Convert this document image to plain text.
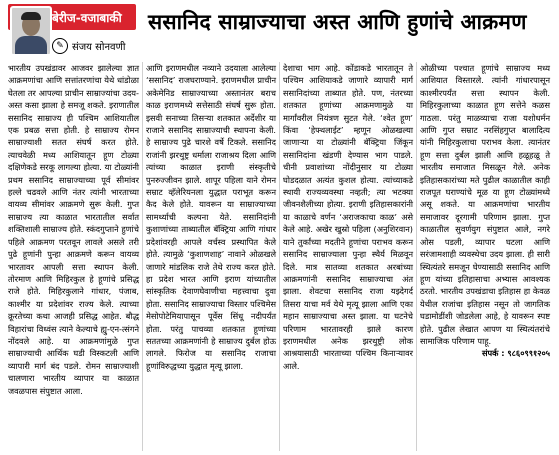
बेरीज-वजाबाकी
✎ संजय सोनवणी
ससानिद साम्राज्याचा अस्त आणि हुणांचे आक्रमण

भारतीय उपखंडावर आजवर झालेल्या ज्ञात आक्रमणांचा आणि सत्तांतरणांचा येथे धांडोळा घेतला तर आपल्या प्राचीन साम्राज्यांचा उदय-अस्त कसा झाला हे समजू शकते. इराणातील ससानिद साम्राज्य ही पश्चिम आशियातील एक प्रबळ सत्ता होती. हे साम्राज्य रोमन साम्राज्याशी सतत संघर्ष करत होते. त्याचवेळी मध्य आशियातून हूण टोळ्या दक्षिणेकडे सरकू लागल्या होत्या. या टोळ्यांनी प्रथम ससानिद साम्राज्याच्या पूर्व सीमांवर हल्ले चढवले आणि नंतर त्यांनी भारताच्या वायव्य सीमांवर आक्रमणे सुरू केली. गुप्त साम्राज्य त्या काळात भारतातील सर्वात शक्तिशाली साम्राज्य होते. स्कंदगुप्ताने हुणांचे पहिले आक्रमण परतवून लावले असले तरी पुढे हूणांनी पुन्हा आक्रमणे करून वायव्य भारतावर आपली सत्ता स्थापन केली. तोरमाण आणि मिहिरकुल हे हूणांचे प्रसिद्ध राजे होते. मिहिरकुलाने गांधार, पंजाब, काश्मीर या प्रदेशांवर राज्य केले. त्याच्या क्रूरतेच्या कथा आजही प्रसिद्ध आहेत. बौद्ध विहारांचा विध्वंस त्याने केल्याचे ह्यु-एन-त्संगने नोंदवले आहे. या आक्रमणांमुळे गुप्त साम्राज्याची आर्थिक घडी विस्कटली आणि व्यापारी मार्ग बंद पडले. रोमन साम्राज्याशी चालणारा भारतीय व्यापार या काळात जवळपास संपुष्टात आला.

आणि इराणमधील नव्याने उदयाला आलेल्या ‘ससानिद’ राजघराण्याने. इराणमधील प्राचीन अकेमेनिड साम्राज्याच्या अस्तानंतर बराच काळ इराणमध्ये सत्तेसाठी संघर्ष सुरू होता. इसवी सनाच्या तिसऱ्या शतकात अर्देशीर या राजाने ससानिद साम्राज्याची स्थापना केली. हे साम्राज्य पुढे चारशे वर्षे टिकले. ससानिद राजांनी झरथुष्ट्र धर्माला राजाश्रय दिला आणि त्यांच्या काळात इराणी संस्कृतीचे पुनरुज्जीवन झाले. शापूर पहिला याने रोमन सम्राट व्हॅलेरियनला युद्धात पराभूत करून कैद केले होते. यावरून या साम्राज्याच्या सामर्थ्याची कल्पना येते. ससानिदांनी कुशाणांच्या ताब्यातील बॅक्ट्रिया आणि गांधार प्रदेशांवरही आपले वर्चस्व प्रस्थापित केले होते. त्यामुळे ‘कुशाणशाह’ नावाने ओळखले जाणारे मांडलिक राजे तेथे राज्य करत होते. हा प्रदेश भारत आणि इराण यांच्यातील सांस्कृतिक देवाणघेवाणीचा महत्त्वाचा दुवा होता. ससानिद साम्राज्याचा विस्तार पश्चिमेस मेसोपोटेमियापासून पूर्वेस सिंधू नदीपर्यंत होता. परंतु पाचव्या शतकात हूणांच्या सततच्या आक्रमणांनी हे साम्राज्य दुर्बल होऊ लागले. फिरोज या ससानिद राजाचा हूणांविरुद्धच्या युद्धात मृत्यू झाला.

देशाचा भाग आहे. कोंडाकडे भारतातून ते पश्चिम आशियाकडे जाणारे व्यापारी मार्ग ससानिदांच्या ताब्यात होते. पण, नंतरच्या शतकात हूणांच्या आक्रमणामुळे या मार्गांवरील नियंत्रण सुटत गेले. ‘श्वेत हूण’ किंवा ‘हेफ्थलाईट’ म्हणून ओळखल्या जाणाऱ्या या टोळ्यांनी बॅक्ट्रिया जिंकून ससानिदांना खंडणी देण्यास भाग पाडले. चीनी प्रवाशांच्या नोंदीनुसार या टोळ्या घोडदळात अत्यंत कुशल होत्या. त्यांच्याकडे स्थायी राज्यव्यवस्था नव्हती; त्या भटक्या जीवनशैलीच्या होत्या. इराणी इतिहासकारांनी या काळाचे वर्णन ‘अराजकाचा काळ’ असे केले आहे. अखेर खुस्रो पहिला (अनुशिरवान) याने तुर्कांच्या मदतीने हूणांचा पराभव करून ससानिद साम्राज्याला पुन्हा स्थैर्य मिळवून दिले. मात्र सातव्या शतकात अरबांच्या आक्रमणांनी ससानिद साम्राज्याचा अंत झाला. शेवटचा ससानिद राजा यझ्देगर्द तिसरा याचा मर्व येथे मृत्यू झाला आणि एका महान साम्राज्याचा अस्त झाला. या घटनेचे परिणाम भारतावरही झाले कारण इराणमधील अनेक झरथुष्ट्री लोक आश्रयासाठी भारताच्या पश्चिम किनाऱ्यावर आले.

ओळीच्या पश्चात हूणांचे साम्राज्य मध्य आशियात विस्तारले. त्यांनी गांधारपासून काश्मीरपर्यंत सत्ता स्थापन केली. मिहिरकुलाच्या काळात हूण सत्तेने कळस गाठला. परंतु माळव्याचा राजा यशोधर्मन आणि गुप्त सम्राट नरसिंहगुप्त बालादित्य यांनी मिहिरकुलाचा पराभव केला. त्यानंतर हूण सत्ता दुर्बल झाली आणि हळूहळू ते भारतीय समाजात मिसळून गेले. अनेक इतिहासकारांच्या मते पुढील काळातील काही राजपूत घराण्यांचे मूळ या हूण टोळ्यांमध्ये असू शकते. या आक्रमणांचा भारतीय समाजावर दूरगामी परिणाम झाला. गुप्त काळातील सुवर्णयुग संपुष्टात आले, नगरे ओस पडली, व्यापार घटला आणि सरंजामशाही व्यवस्थेचा उदय झाला. ही सारी स्थित्यंतरे समजून घेण्यासाठी ससानिद आणि हूण यांच्या इतिहासाचा अभ्यास आवश्यक ठरतो. भारतीय उपखंडाचा इतिहास हा केवळ येथील राजांचा इतिहास नसून तो जागतिक घडामोडींशी जोडलेला आहे, हे यावरून स्पष्ट होते. पुढील लेखात आपण या स्थित्यंतरांचे सामाजिक परिणाम पाहू.

संपर्क : ९८६०९९१२०५
